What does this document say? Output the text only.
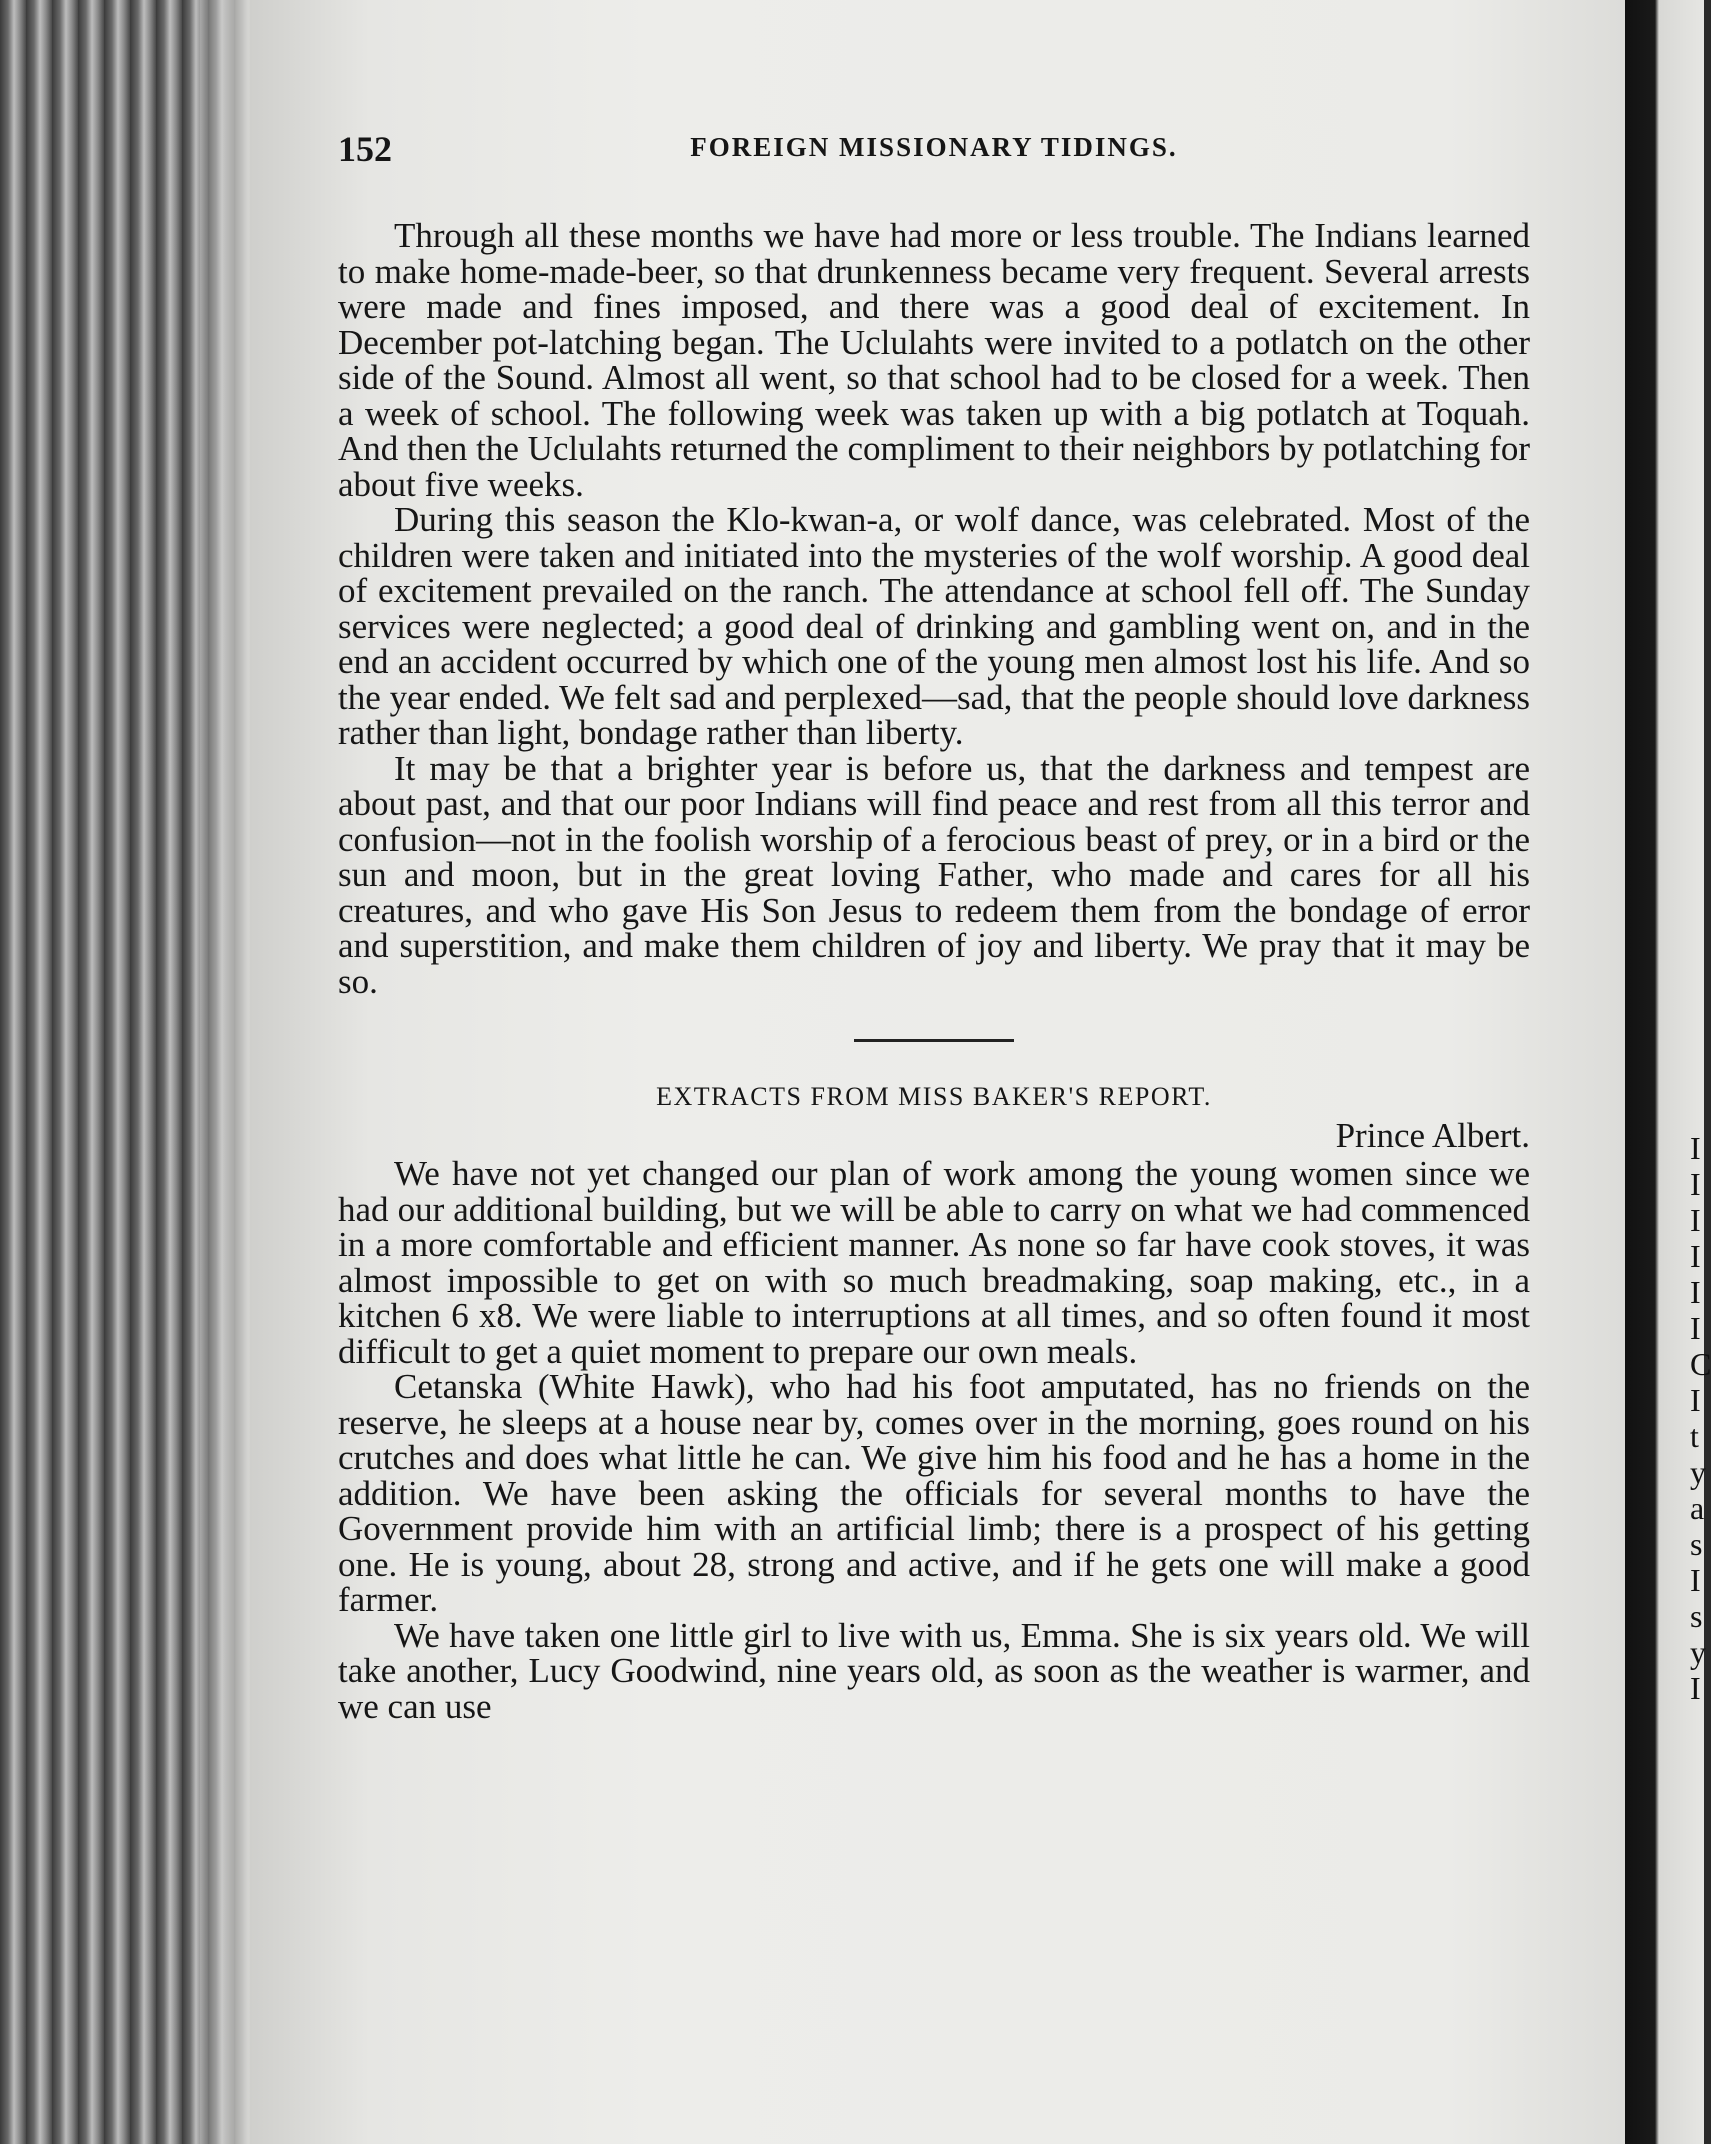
I I I I I I C I t y a s I s y I
152	FOREIGN MISSIONARY TIDINGS.

Through all these months we have had more or less trouble. The Indians learned to make home-made-beer, so that drunkenness became very frequent. Several arrests were made and fines imposed, and there was a good deal of excitement. In December pot-latching began. The Uclulahts were invited to a potlatch on the other side of the Sound. Almost all went, so that school had to be closed for a week. Then a week of school. The following week was taken up with a big potlatch at Toquah. And then the Uclulahts returned the compliment to their neighbors by potlatching for about five weeks.

During this season the Klo-kwan-a, or wolf dance, was celebrated. Most of the children were taken and initiated into the mysteries of the wolf worship. A good deal of excitement prevailed on the ranch. The attendance at school fell off. The Sunday services were neglected; a good deal of drinking and gambling went on, and in the end an accident occurred by which one of the young men almost lost his life. And so the year ended. We felt sad and perplexed—sad, that the people should love darkness rather than light, bondage rather than liberty.

It may be that a brighter year is before us, that the darkness and tempest are about past, and that our poor Indians will find peace and rest from all this terror and confusion—not in the foolish worship of a ferocious beast of prey, or in a bird or the sun and moon, but in the great loving Father, who made and cares for all his creatures, and who gave His Son Jesus to redeem them from the bondage of error and superstition, and make them children of joy and liberty. We pray that it may be so.

EXTRACTS FROM MISS BAKER'S REPORT.
Prince Albert.

We have not yet changed our plan of work among the young women since we had our additional building, but we will be able to carry on what we had commenced in a more comfortable and efficient manner. As none so far have cook stoves, it was almost impossible to get on with so much breadmaking, soap making, etc., in a kitchen 6 x8. We were liable to interruptions at all times, and so often found it most difficult to get a quiet moment to prepare our own meals.

Cetanska (White Hawk), who had his foot amputated, has no friends on the reserve, he sleeps at a house near by, comes over in the morning, goes round on his crutches and does what little he can. We give him his food and he has a home in the addition. We have been asking the officials for several months to have the Government provide him with an artificial limb; there is a prospect of his getting one. He is young, about 28, strong and active, and if he gets one will make a good farmer.

We have taken one little girl to live with us, Emma. She is six years old. We will take another, Lucy Goodwind, nine years old, as soon as the weather is warmer, and we can use
